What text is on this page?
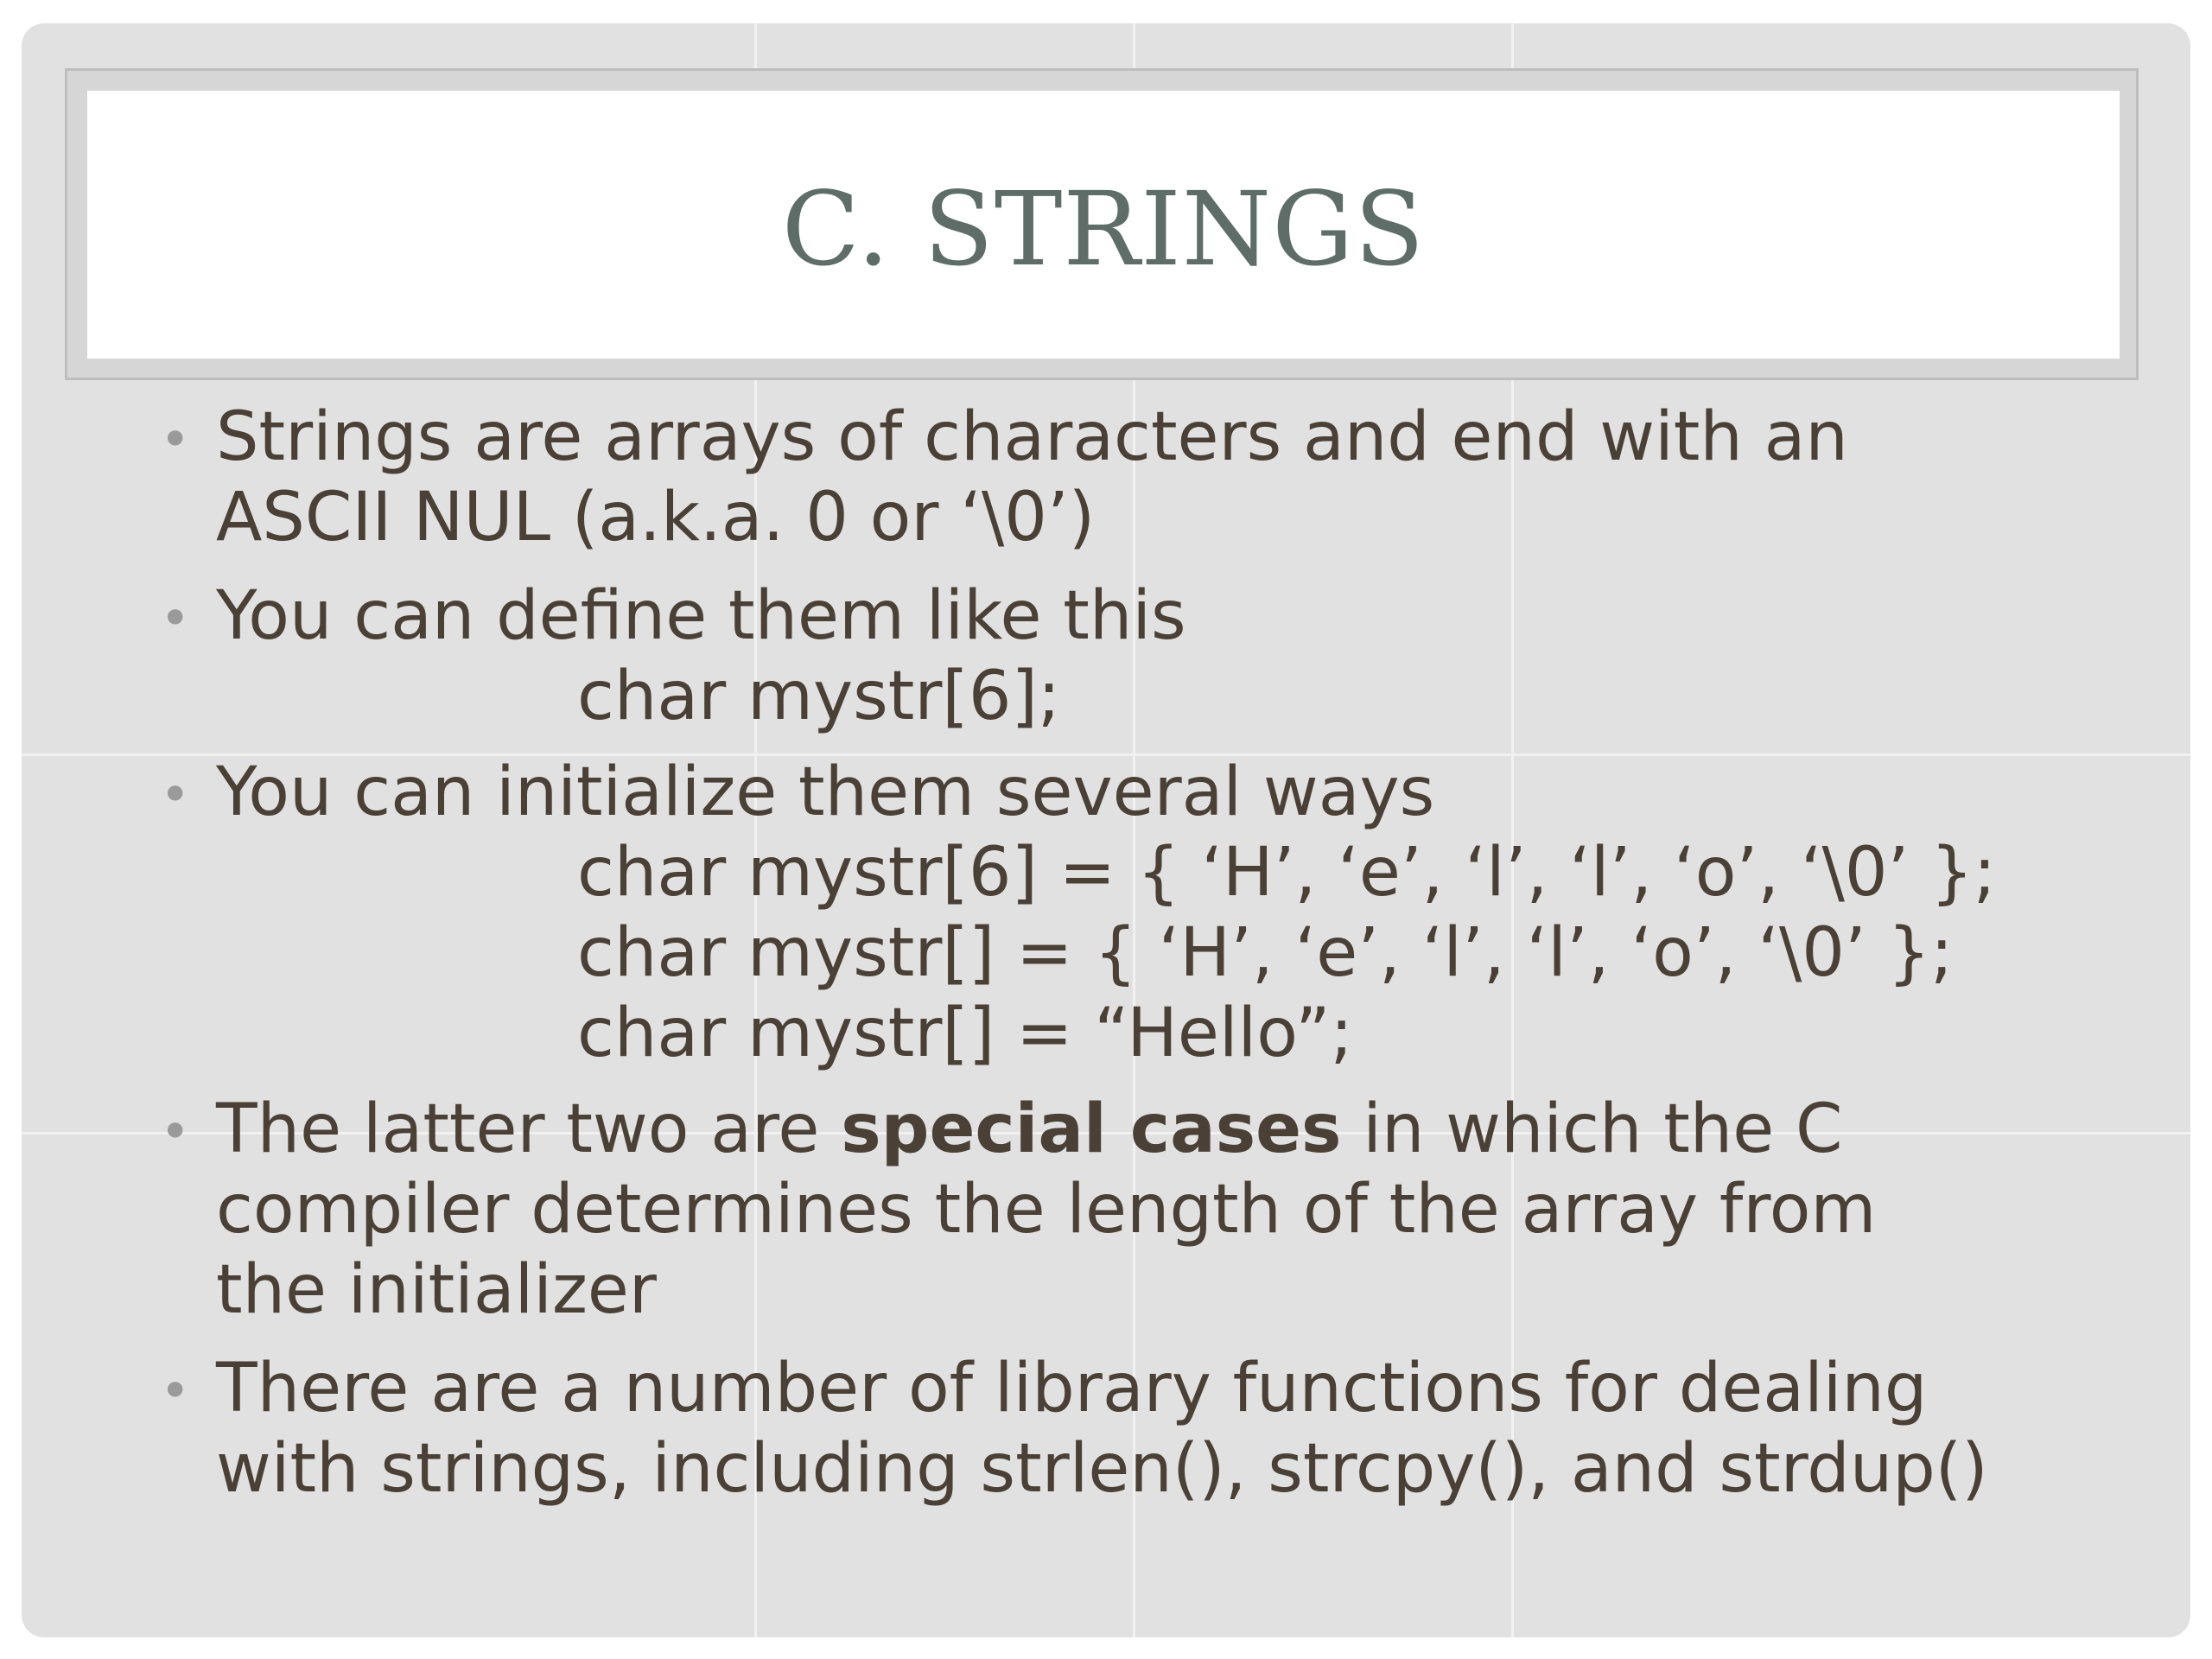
C. STRINGS
• Strings are arrays of characters and end with an
ASCII NUL (a.k.a. 0 or ‘\0’)
• You can define them like this
char mystr[6];
• You can initialize them several ways
char mystr[6] = { ‘H’, ‘e’, ‘l’, ‘l’, ‘o’, ‘\0’ };
char mystr[] = { ‘H’, ‘e’, ‘l’, ‘l’, ‘o’, ‘\0’ };
char mystr[] = “Hello”;
• The latter two are special cases in which the C
compiler determines the length of the array from
the initializer
• There are a number of library functions for dealing
with strings, including strlen(), strcpy(), and strdup()
